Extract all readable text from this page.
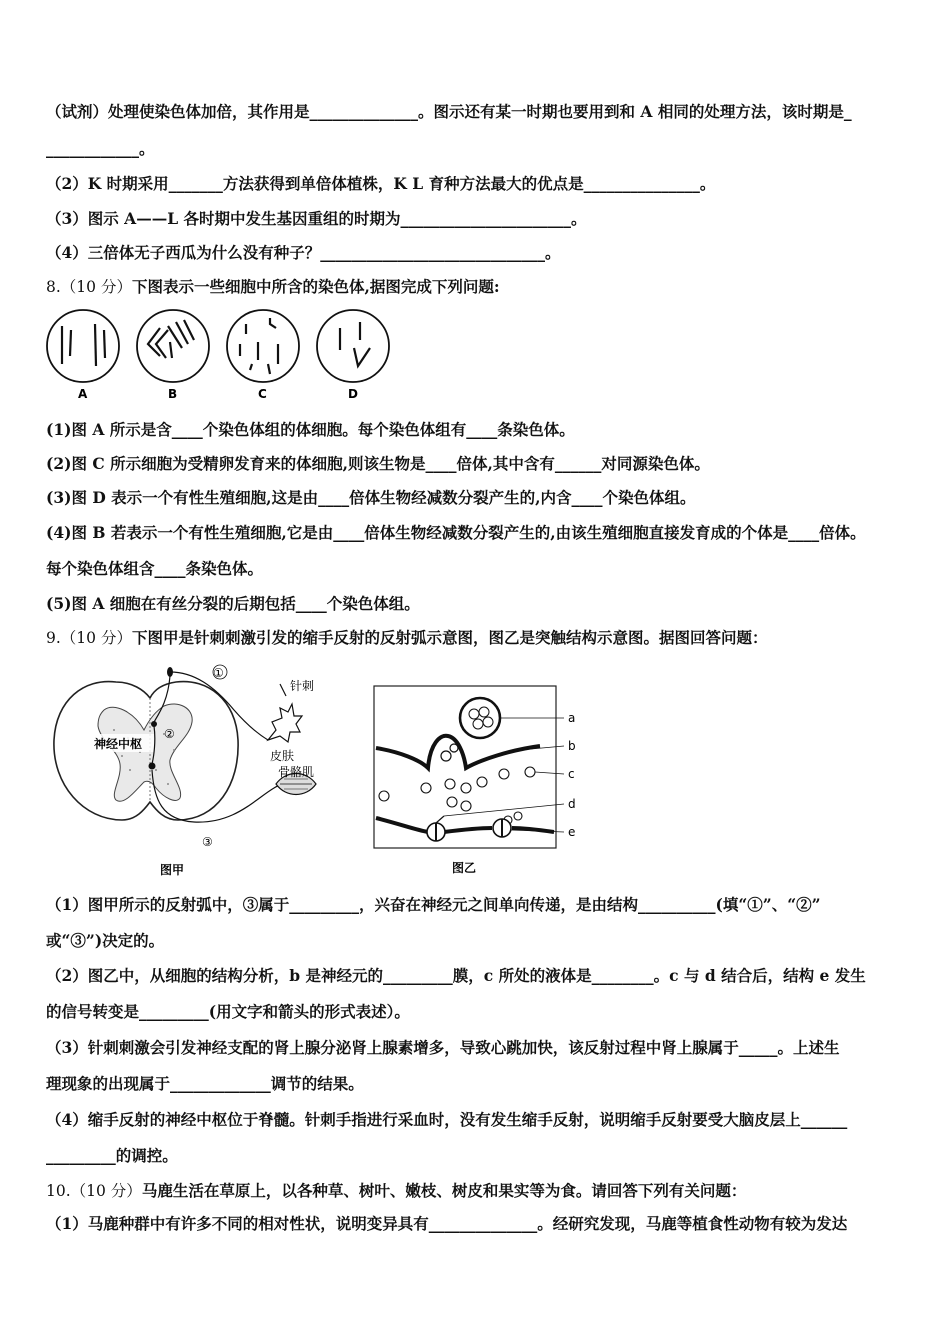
（试剂）处理使染色体加倍，其作用是______________。图示还有某一时期也要用到和 A 相同的处理方法，该时期是_
____________。
（2）K 时期采用_______方法获得到单倍体植株，K L 育种方法最大的优点是_______________。
（3）图示 A——L 各时期中发生基因重组的时期为______________________。
（4）三倍体无子西瓜为什么没有种子？_____________________________。
8.（10 分）下图表示一些细胞中所含的染色体,据图完成下列问题:
A	B	C	D
(1)图 A 所示是含____个染色体组的体细胞。每个染色体组有____条染色体。
(2)图 C 所示细胞为受精卵发育来的体细胞,则该生物是____倍体,其中含有______对同源染色体。
(3)图 D 表示一个有性生殖细胞,这是由____倍体生物经减数分裂产生的,内含____个染色体组。
(4)图 B 若表示一个有性生殖细胞,它是由____倍体生物经减数分裂产生的,由该生殖细胞直接发育成的个体是____倍体。
每个染色体组含____条染色体。
(5)图 A 细胞在有丝分裂的后期包括____个染色体组。
9.（10 分）下图甲是针刺刺激引发的缩手反射的反射弧示意图，图乙是突触结构示意图。据图回答问题：
神经中枢
①
②
③
针刺
皮肤
骨骼肌
图甲
a
b
c
d
e
图乙
（1）图甲所示的反射弧中，③属于_________，兴奋在神经元之间单向传递，是由结构__________(填“①”、“②”
或“③”)决定的。
（2）图乙中，从细胞的结构分析，b 是神经元的_________膜，c 所处的液体是________。c 与 d 结合后，结构 e 发生
的信号转变是_________(用文字和箭头的形式表述）。
（3）针刺刺激会引发神经支配的肾上腺分泌肾上腺素增多，导致心跳加快，该反射过程中肾上腺属于_____。上述生
理现象的出现属于_____________调节的结果。
（4）缩手反射的神经中枢位于脊髓。针刺手指进行采血时，没有发生缩手反射，说明缩手反射要受大脑皮层上______
_________的调控。
10.（10 分）马鹿生活在草原上，以各种草、树叶、嫩枝、树皮和果实等为食。请回答下列有关问题：
（1）马鹿种群中有许多不同的相对性状，说明变异具有______________。经研究发现，马鹿等植食性动物有较为发达
